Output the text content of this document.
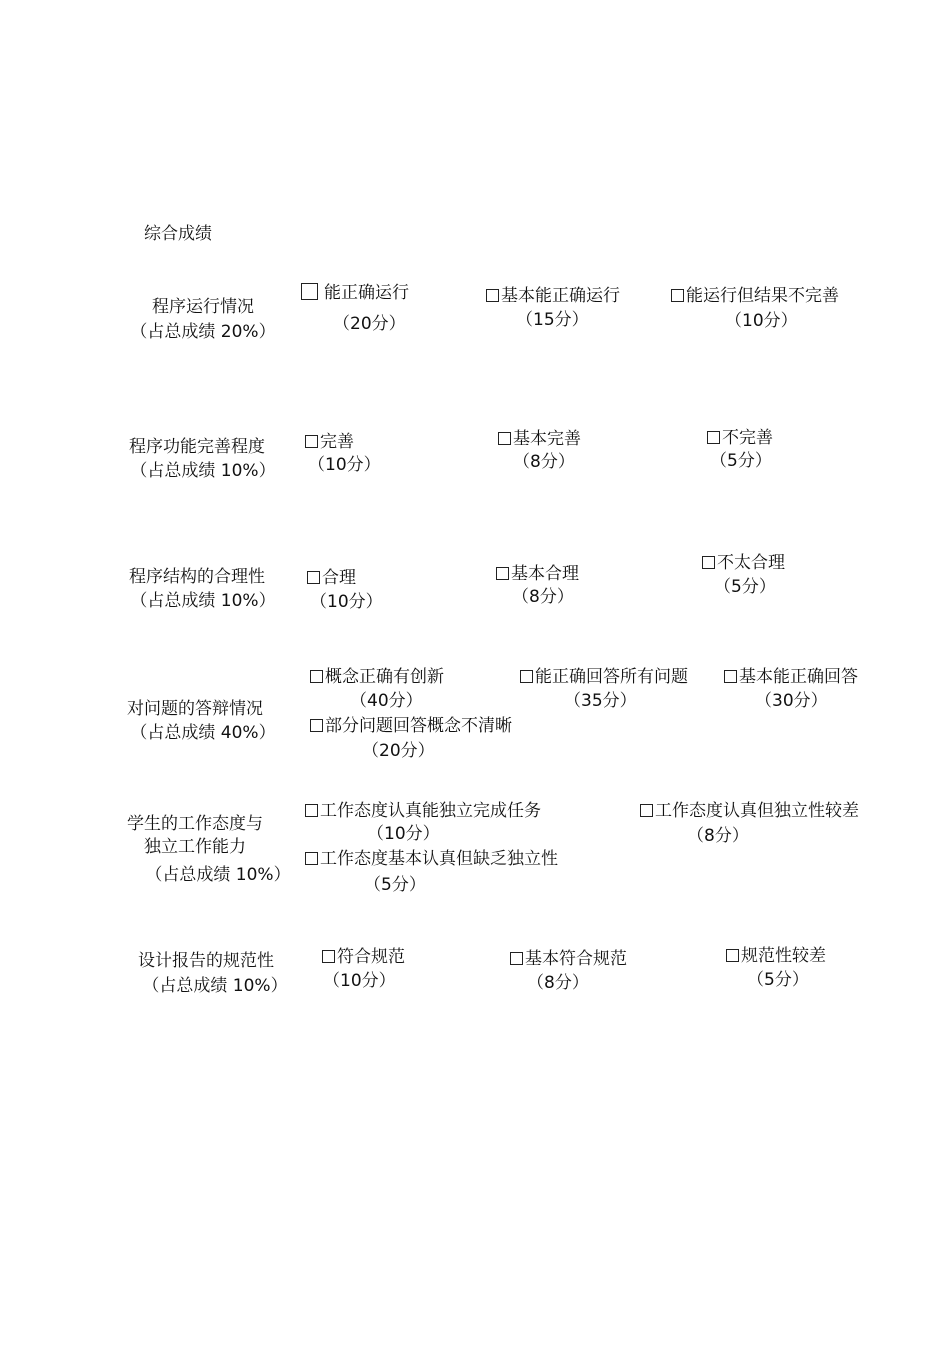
综合成绩
程序运行情况
（占总成绩 20%）
能正确运行
（20分）
基本能正确运行
（15分）
能运行但结果不完善
（10分）
程序功能完善程度
（占总成绩 10%）
完善
（10分）
基本完善
（8分）
不完善
（5分）
程序结构的合理性
（占总成绩 10%）
合理
（10分）
基本合理
（8分）
不太合理
（5分）
对问题的答辩情况
（占总成绩 40%）
概念正确有创新
（40分）
能正确回答所有问题
（35分）
基本能正确回答
（30分）
部分问题回答概念不清晰
（20分）
学生的工作态度与
独立工作能力
（占总成绩 10%）
工作态度认真能独立完成任务
（10分）
工作态度认真但独立性较差
（8分）
工作态度基本认真但缺乏独立性
（5分）
设计报告的规范性
（占总成绩 10%）
符合规范
（10分）
基本符合规范
（8分）
规范性较差
（5分）
